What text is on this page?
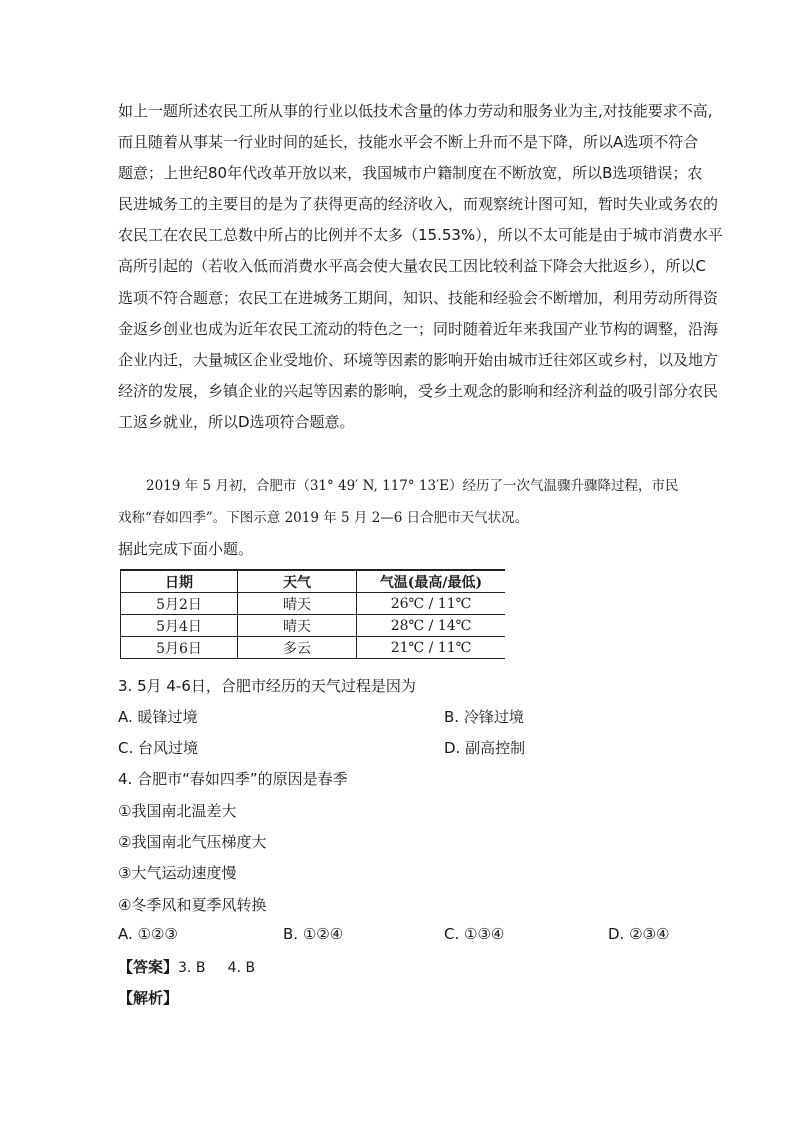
如上一题所述农民工所从事的行业以低技术含量的体力劳动和服务业为主,对技能要求不高,
而且随着从事某一行业时间的延长，技能水平会不断上升而不是下降，所以A选项不符合
题意；上世纪80年代改革开放以来，我国城市户籍制度在不断放宽，所以B选项错误；农
民进城务工的主要目的是为了获得更高的经济收入，而观察统计图可知，暂时失业或务农的
农民工在农民工总数中所占的比例并不太多（15.53%），所以不太可能是由于城市消费水平
高所引起的（若收入低而消费水平高会使大量农民工因比较利益下降会大批返乡），所以C
选项不符合题意；农民工在进城务工期间，知识、技能和经验会不断增加，利用劳动所得资
金返乡创业也成为近年农民工流动的特色之一；同时随着近年来我国产业节构的调整，沿海
企业内迁，大量城区企业受地价、环境等因素的影响开始由城市迁往郊区或乡村，以及地方
经济的发展，乡镇企业的兴起等因素的影响，受乡土观念的影响和经济利益的吸引部分农民
工返乡就业，所以D选项符合题意。
2019 年 5 月初，合肥市（31° 49′ N, 117° 13′E）经历了一次气温骤升骤降过程，市民
戏称“春如四季”。下图示意 2019 年 5 月 2—6 日合肥市天气状况。
据此完成下面小题。
日期	天气	气温(最高/最低)
5月2日	晴天	26℃ / 11℃
5月4日	晴天	28℃ / 14℃
5月6日	多云	21℃ / 11℃
3. 5月 4-6日，合肥市经历的天气过程是因为
A. 暖锋过境	B. 冷锋过境
C. 台风过境	D. 副高控制
4. 合肥市“春如四季”的原因是春季
①我国南北温差大
②我国南北气压梯度大
③大气运动速度慢
④冬季风和夏季风转换
A. ①②③	B. ①②④	C. ①③④	D. ②③④
【答案】3. B     4. B
【解析】
